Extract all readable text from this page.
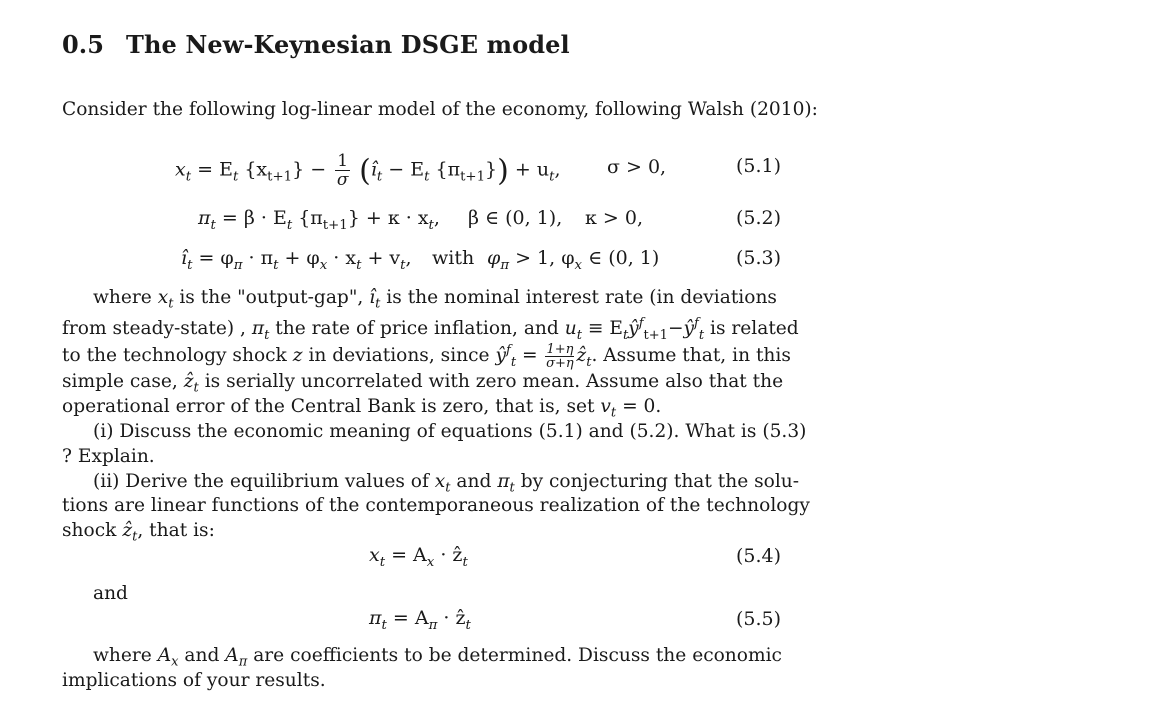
0.5 The New-Keynesian DSGE model
Consider the following log-linear model of the economy, following Walsh (2010):
$x_t = E_t$ $\{x_{t+1}\} - \frac{1}{\sigma}$ ($î_t - E_t$ $\{\pi_{t+1}\}) + u_t$, σ > 0,	(5.1)
$\pi_t = \beta \cdot E_t$ $\{\pi_{t+1}\} + \kappa \cdot x_t$, β ∈ (0, 1), κ > 0,	(5.2)
$î_t = \varphi_\pi \cdot \pi_t + \varphi_x \cdot x_t + v_t$, with $\varphi_\pi > 1$, $\varphi_x$ ∈ (0, 1)	(5.3)
where $x_t$ is the "output-gap", $î_t$ is the nominal interest rate (in deviations
from steady-state) , $\pi_t$ the rate of price inflation, and $u_t$ ≡ $E_tŷ^f_{t+1}-ŷ^f_t$ is related
to the technology shock z in deviations, since $ŷ^f_t = \frac{1+\eta}{\sigma+\eta}$ ẑ$_t$. Assume that, in this
simple case, ẑ$_t$ is serially uncorrelated with zero mean. Assume also that the
operational error of the Central Bank is zero, that is, set $v_t = 0$.
(i) Discuss the economic meaning of equations (5.1) and (5.2). What is (5.3)
? Explain.
(ii) Derive the equilibrium values of $x_t$ and $\pi_t$ by conjecturing that the solu-
tions are linear functions of the contemporaneous realization of the technology
shock ẑ$_t$, that is:
$x_t = A_x$ · ẑ$_t$	(5.4)
and
$\pi_t = A_\pi$ · ẑ$_t$	(5.5)
where $A_x$ and $A_\pi$ are coefficients to be determined. Discuss the economic
implications of your results.
